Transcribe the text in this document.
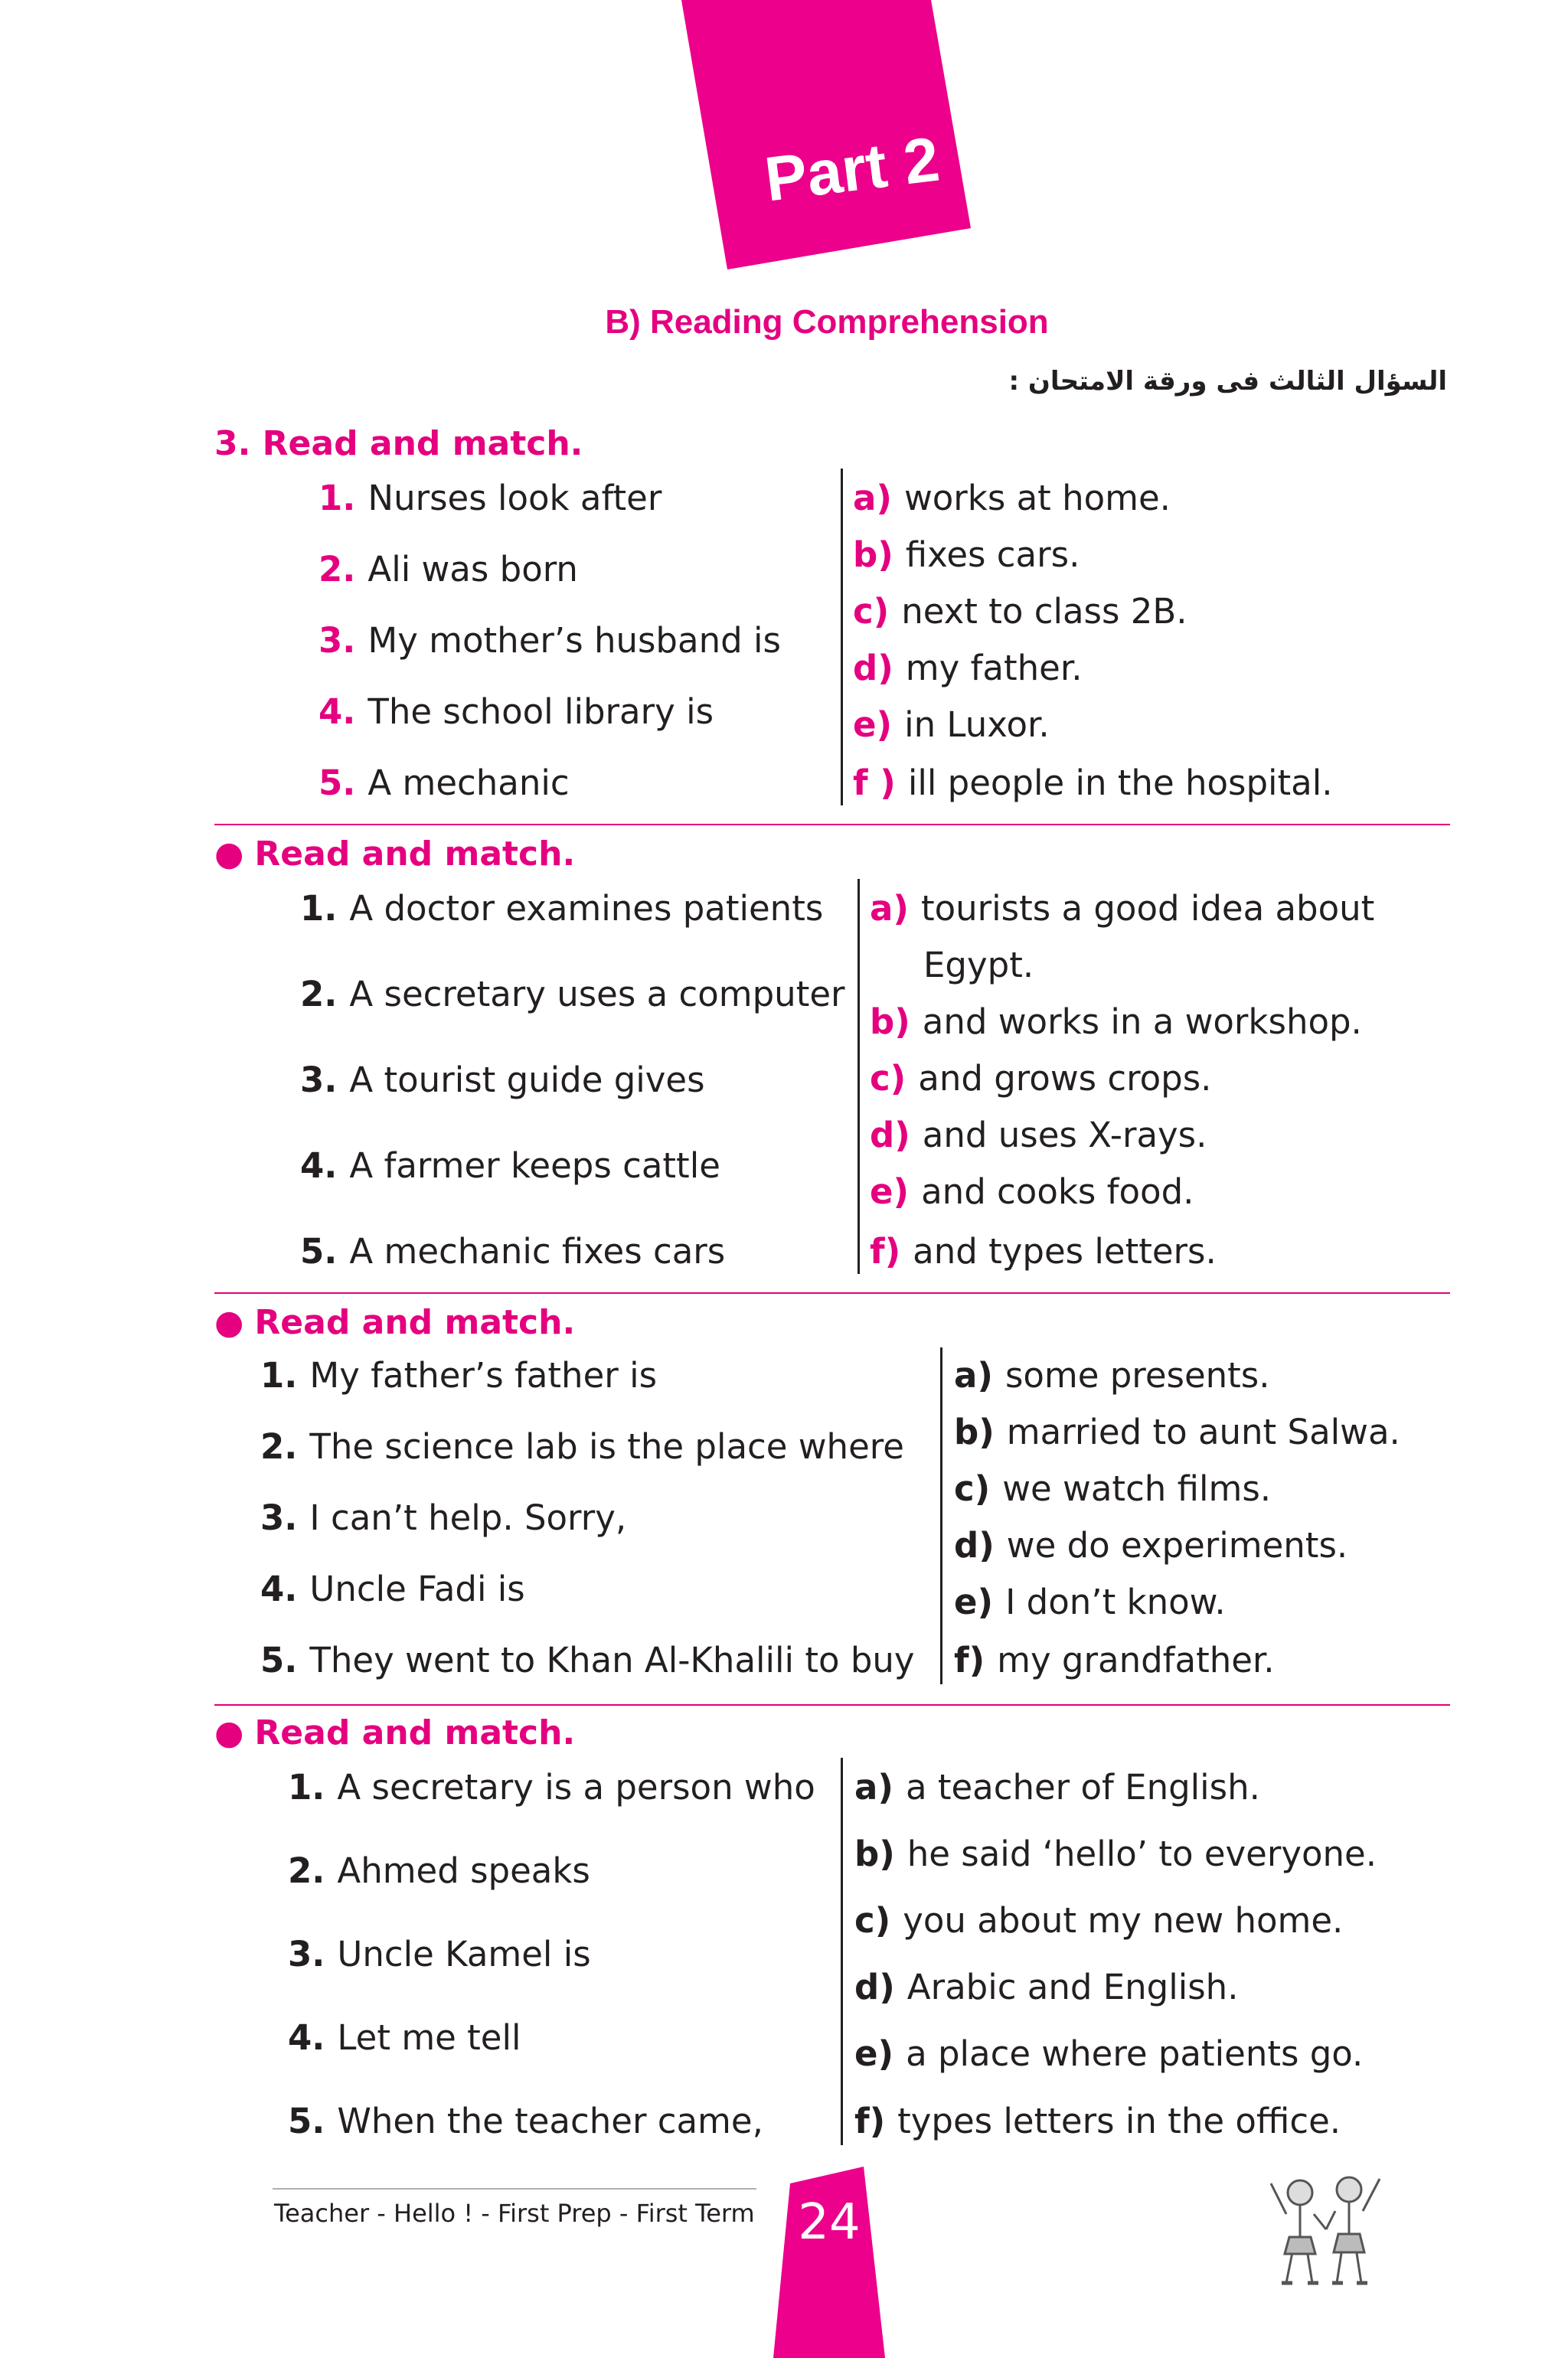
Part 2
B) Reading Comprehension
السؤال الثالث فى ورقة الامتحان :
3. Read and match.
1. Nurses look after
2. Ali was born
3. My mother’s husband is
4. The school library is
5. A mechanic
a) works at home.
b) fixes cars.
c) next to class 2B.
d) my father.
e) in Luxor.
f ) ill people in the hospital.
● Read and match.
1. A doctor examines patients
2. A secretary uses a computer
3. A tourist guide gives
4. A farmer keeps cattle
5. A mechanic fixes cars
a) tourists a good idea about
Egypt.
b) and works in a workshop.
c) and grows crops.
d) and uses X-rays.
e) and cooks food.
f) and types letters.
● Read and match.
1. My father’s father is
2. The science lab is the place where
3. I can’t help. Sorry,
4. Uncle Fadi is
5. They went to Khan Al-Khalili to buy
a) some presents.
b) married to aunt Salwa.
c) we watch films.
d) we do experiments.
e) I don’t know.
f) my grandfather.
● Read and match.
1. A secretary is a person who
2. Ahmed speaks
3. Uncle Kamel is
4. Let me tell
5. When the teacher came,
a) a teacher of English.
b) he said ‘hello’ to everyone.
c) you about my new home.
d) Arabic and English.
e) a place where patients go.
f) types letters in the office.
Teacher - Hello ! - First Prep - First Term 24
